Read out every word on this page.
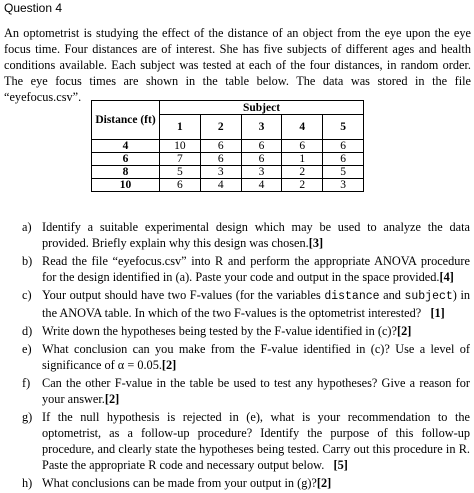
Question 4
An optometrist is studying the effect of the distance of an object from the eye upon the eye focus time. Four distances are of interest. She has five subjects of different ages and health conditions available. Each subject was tested at each of the four distances, in random order. The eye focus times are shown in the table below. The data was stored in the file “eyefocus.csv”.
Distance (ft)	Subject				
	1	2	3	4	5
4	10	6	6	6	6
6	7	6	6	1	6
8	5	3	3	2	5
10	6	4	4	2	3
a) Identify a suitable experimental design which may be used to analyze the data provided. Briefly explain why this design was chosen.[3]
b) Read the file “eyefocus.csv” into R and perform the appropriate ANOVA procedure for the design identified in (a). Paste your code and output in the space provided.[4]
c) Your output should have two F-values (for the variables distance and subject) in the ANOVA table. In which of the two F-values is the optometrist interested? [1]
d) Write down the hypotheses being tested by the F-value identified in (c)?[2]
e) What conclusion can you make from the F-value identified in (c)? Use a level of significance of α = 0.05.[2]
f) Can the other F-value in the table be used to test any hypotheses? Give a reason for your answer.[2]
g) If the null hypothesis is rejected in (e), what is your recommendation to the optometrist, as a follow-up procedure? Identify the purpose of this follow-up procedure, and clearly state the hypotheses being tested. Carry out this procedure in R. Paste the appropriate R code and necessary output below. [5]
h) What conclusions can be made from your output in (g)?[2]
